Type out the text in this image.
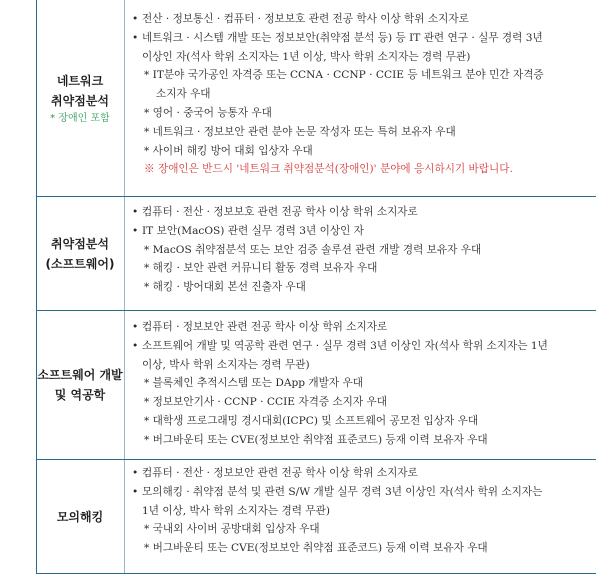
네트워크
취약점분석
* 장애인 포함
• 전산 · 정보통신 · 컴퓨터 · 정보보호 관련 전공 학사 이상 학위 소지자로
• 네트워크 · 시스템 개발 또는 정보보안(취약점 분석 등) 등 IT 관련 연구 · 실무 경력 3년
이상인 자(석사 학위 소지자는 1년 이상, 박사 학위 소지자는 경력 무관)
* IT분야 국가공인 자격증 또는 CCNA · CCNP · CCIE 등 네트워크 분야 민간 자격증
소지자 우대
* 영어 · 중국어 능통자 우대
* 네트워크 · 정보보안 관련 분야 논문 작성자 또는 특허 보유자 우대
* 사이버 해킹 방어 대회 입상자 우대
※ 장애인은 반드시 '네트워크 취약점분석(장애인)' 분야에 응시하시기 바랍니다.
취약점분석
(소프트웨어)
• 컴퓨터 · 전산 · 정보보호 관련 전공 학사 이상 학위 소지자로
• IT 보안(MacOS) 관련 실무 경력 3년 이상인 자
* MacOS 취약점분석 또는 보안 검증 솔루션 관련 개발 경력 보유자 우대
* 해킹 · 보안 관련 커뮤니티 활동 경력 보유자 우대
* 해킹 · 방어대회 본선 진출자 우대
소프트웨어 개발
및 역공학
• 컴퓨터 · 정보보안 관련 전공 학사 이상 학위 소지자로
• 소프트웨어 개발 및 역공학 관련 연구 · 실무 경력 3년 이상인 자(석사 학위 소지자는 1년
이상, 박사 학위 소지자는 경력 무관)
* 블록체인 추적시스템 또는 DApp 개발자 우대
* 정보보안기사 · CCNP · CCIE 자격증 소지자 우대
* 대학생 프로그래밍 경시대회(ICPC) 및 소프트웨어 공모전 입상자 우대
* 버그바운티 또는 CVE(정보보안 취약점 표준코드) 등재 이력 보유자 우대
모의해킹
• 컴퓨터 · 전산 · 정보보안 관련 전공 학사 이상 학위 소지자로
• 모의해킹 · 취약점 분석 및 관련 S/W 개발 실무 경력 3년 이상인 자(석사 학위 소지자는
1년 이상, 박사 학위 소지자는 경력 무관)
* 국내외 사이버 공방대회 입상자 우대
* 버그바운티 또는 CVE(정보보안 취약점 표준코드) 등재 이력 보유자 우대
